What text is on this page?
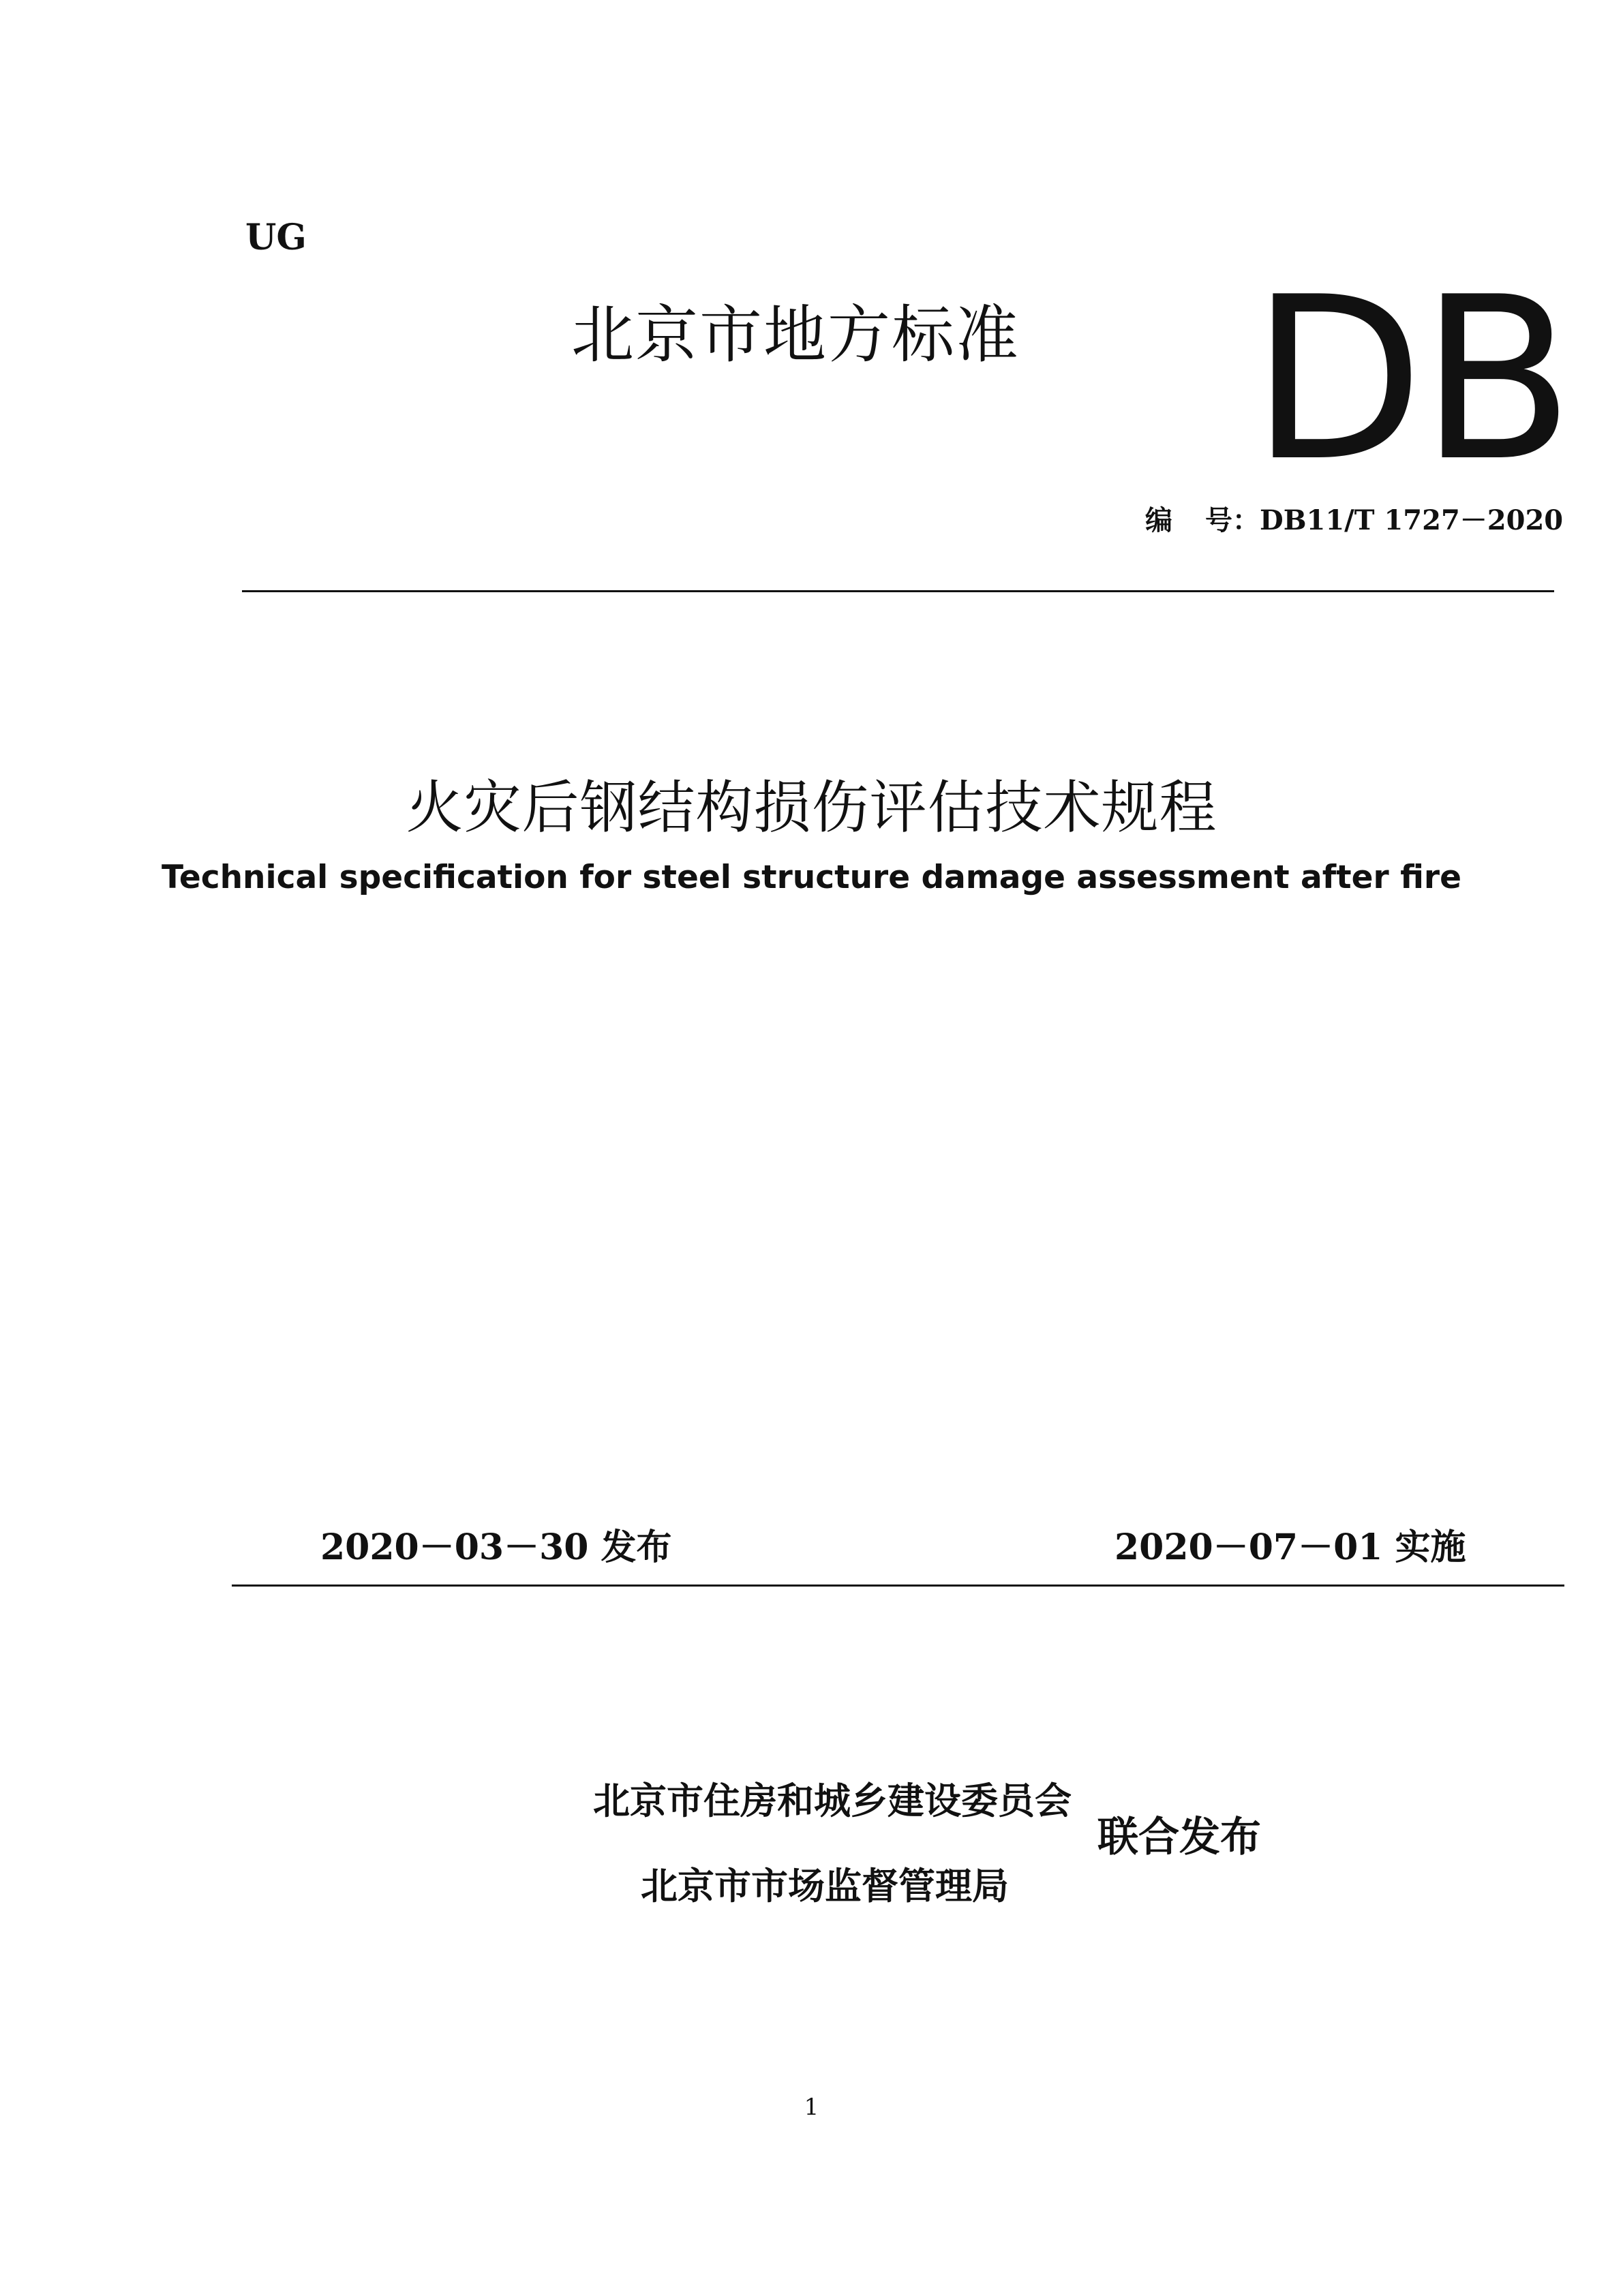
UG
北京市地方标准 DB
编 号：DB11/T 1727－2020
火灾后钢结构损伤评估技术规程
Technical specification for steel structure damage assessment after fire
2020－03－30 发布	2020－07－01 实施
北京市住房和城乡建设委员会
北京市市场监督管理局
联合发布
1
